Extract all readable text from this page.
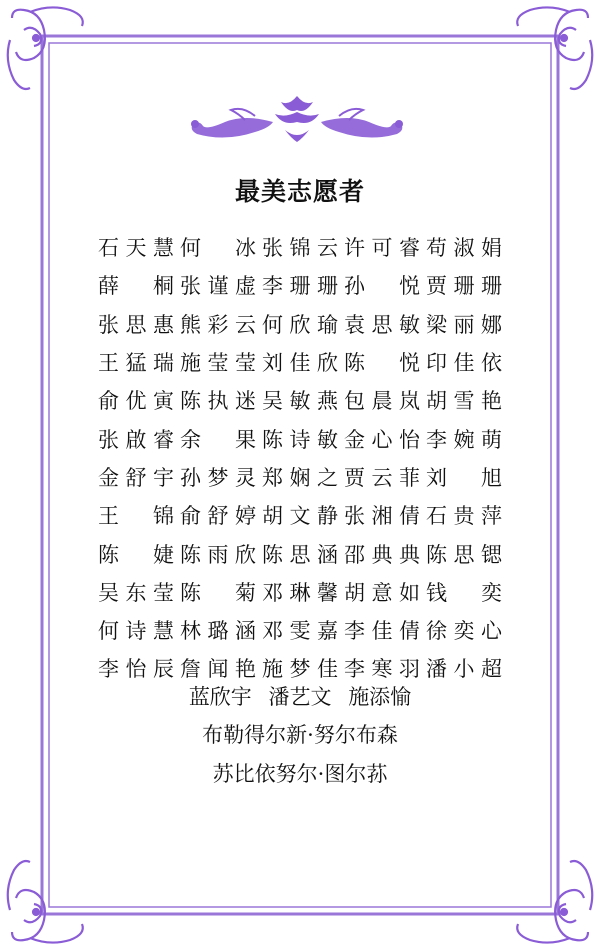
最美志愿者
石 天 慧 何 冰 张 锦 云 许 可 睿 苟 淑 娟
薛 桐 张 谨 虚 李 珊 珊 孙 悦 贾 珊 珊
张 思 惠 熊 彩 云 何 欣 瑜 袁 思 敏 梁 丽 娜
王 猛 瑞 施 莹 莹 刘 佳 欣 陈 悦 印 佳 依
俞 优 寅 陈 执 迷 吴 敏 燕 包 晨 岚 胡 雪 艳
张 啟 睿 余 果 陈 诗 敏 金 心 怡 李 婉 萌
金 舒 宇 孙 梦 灵 郑 娴 之 贾 云 菲 刘 旭
王 锦 俞 舒 婷 胡 文 静 张 湘 倩 石 贵 萍
陈 婕 陈 雨 欣 陈 思 涵 邵 典 典 陈 思 锶
吴 东 莹 陈 菊 邓 琳 馨 胡 意 如 钱 奕
何 诗 慧 林 璐 涵 邓 雯 嘉 李 佳 倩 徐 奕 心
李 怡 辰 詹 闻 艳 施 梦 佳 李 寒 羽 潘 小 超
蓝欣宇 潘艺文 施添愉
布勒得尔新·努尔布森
苏比依努尔·图尔荪
